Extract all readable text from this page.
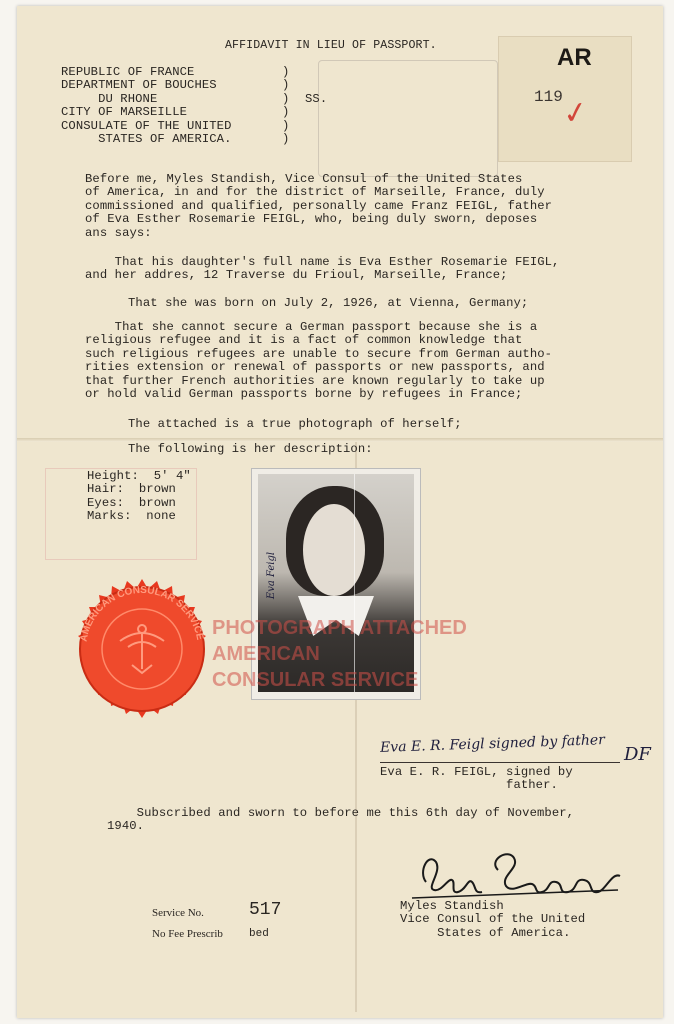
AFFIDAVIT IN LIEU OF PASSPORT.
REPUBLIC OF FRANCE
DEPARTMENT OF BOUCHES
DU RHONE
CITY OF MARSEILLE
CONSULATE OF THE UNITED
STATES OF AMERICA.
)
)
)
)
)
)
SS.
AR
119
✓
Before me, Myles Standish, Vice Consul of the United States
of America, in and for the district of Marseille, France, duly
commissioned and qualified, personally came Franz FEIGL, father
of Eva Esther Rosemarie FEIGL, who, being duly sworn, deposes
ans says:
That his daughter's full name is Eva Esther Rosemarie FEIGL,
and her addres, 12 Traverse du Frioul, Marseille, France;
That she was born on July 2, 1926, at Vienna, Germany;
That she cannot secure a German passport because she is a
religious refugee and it is a fact of common knowledge that
such religious refugees are unable to secure from German autho-
rities extension or renewal of passports or new passports, and
that further French authorities are known regularly to take up
or hold valid German passports borne by refugees in France;
The attached is a true photograph of herself;
The following is her description:
Height:  5' 4"
Hair:  brown
Eyes:  brown
Marks:  none
Eva Feigl
PHOTOGRAPH ATTACHED
AMERICAN
CONSULAR SERVICE
AMERICAN CONSULAR SERVICE
Eva E. R. Feigl signed by father DF
Eva E. R. FEIGL, signed by
father.
Subscribed and sworn to before me this 6th day of November,
1940.
Myles Standish
Vice Consul of the United
States of America.
Service No.	517
No Fee Prescrib bed
